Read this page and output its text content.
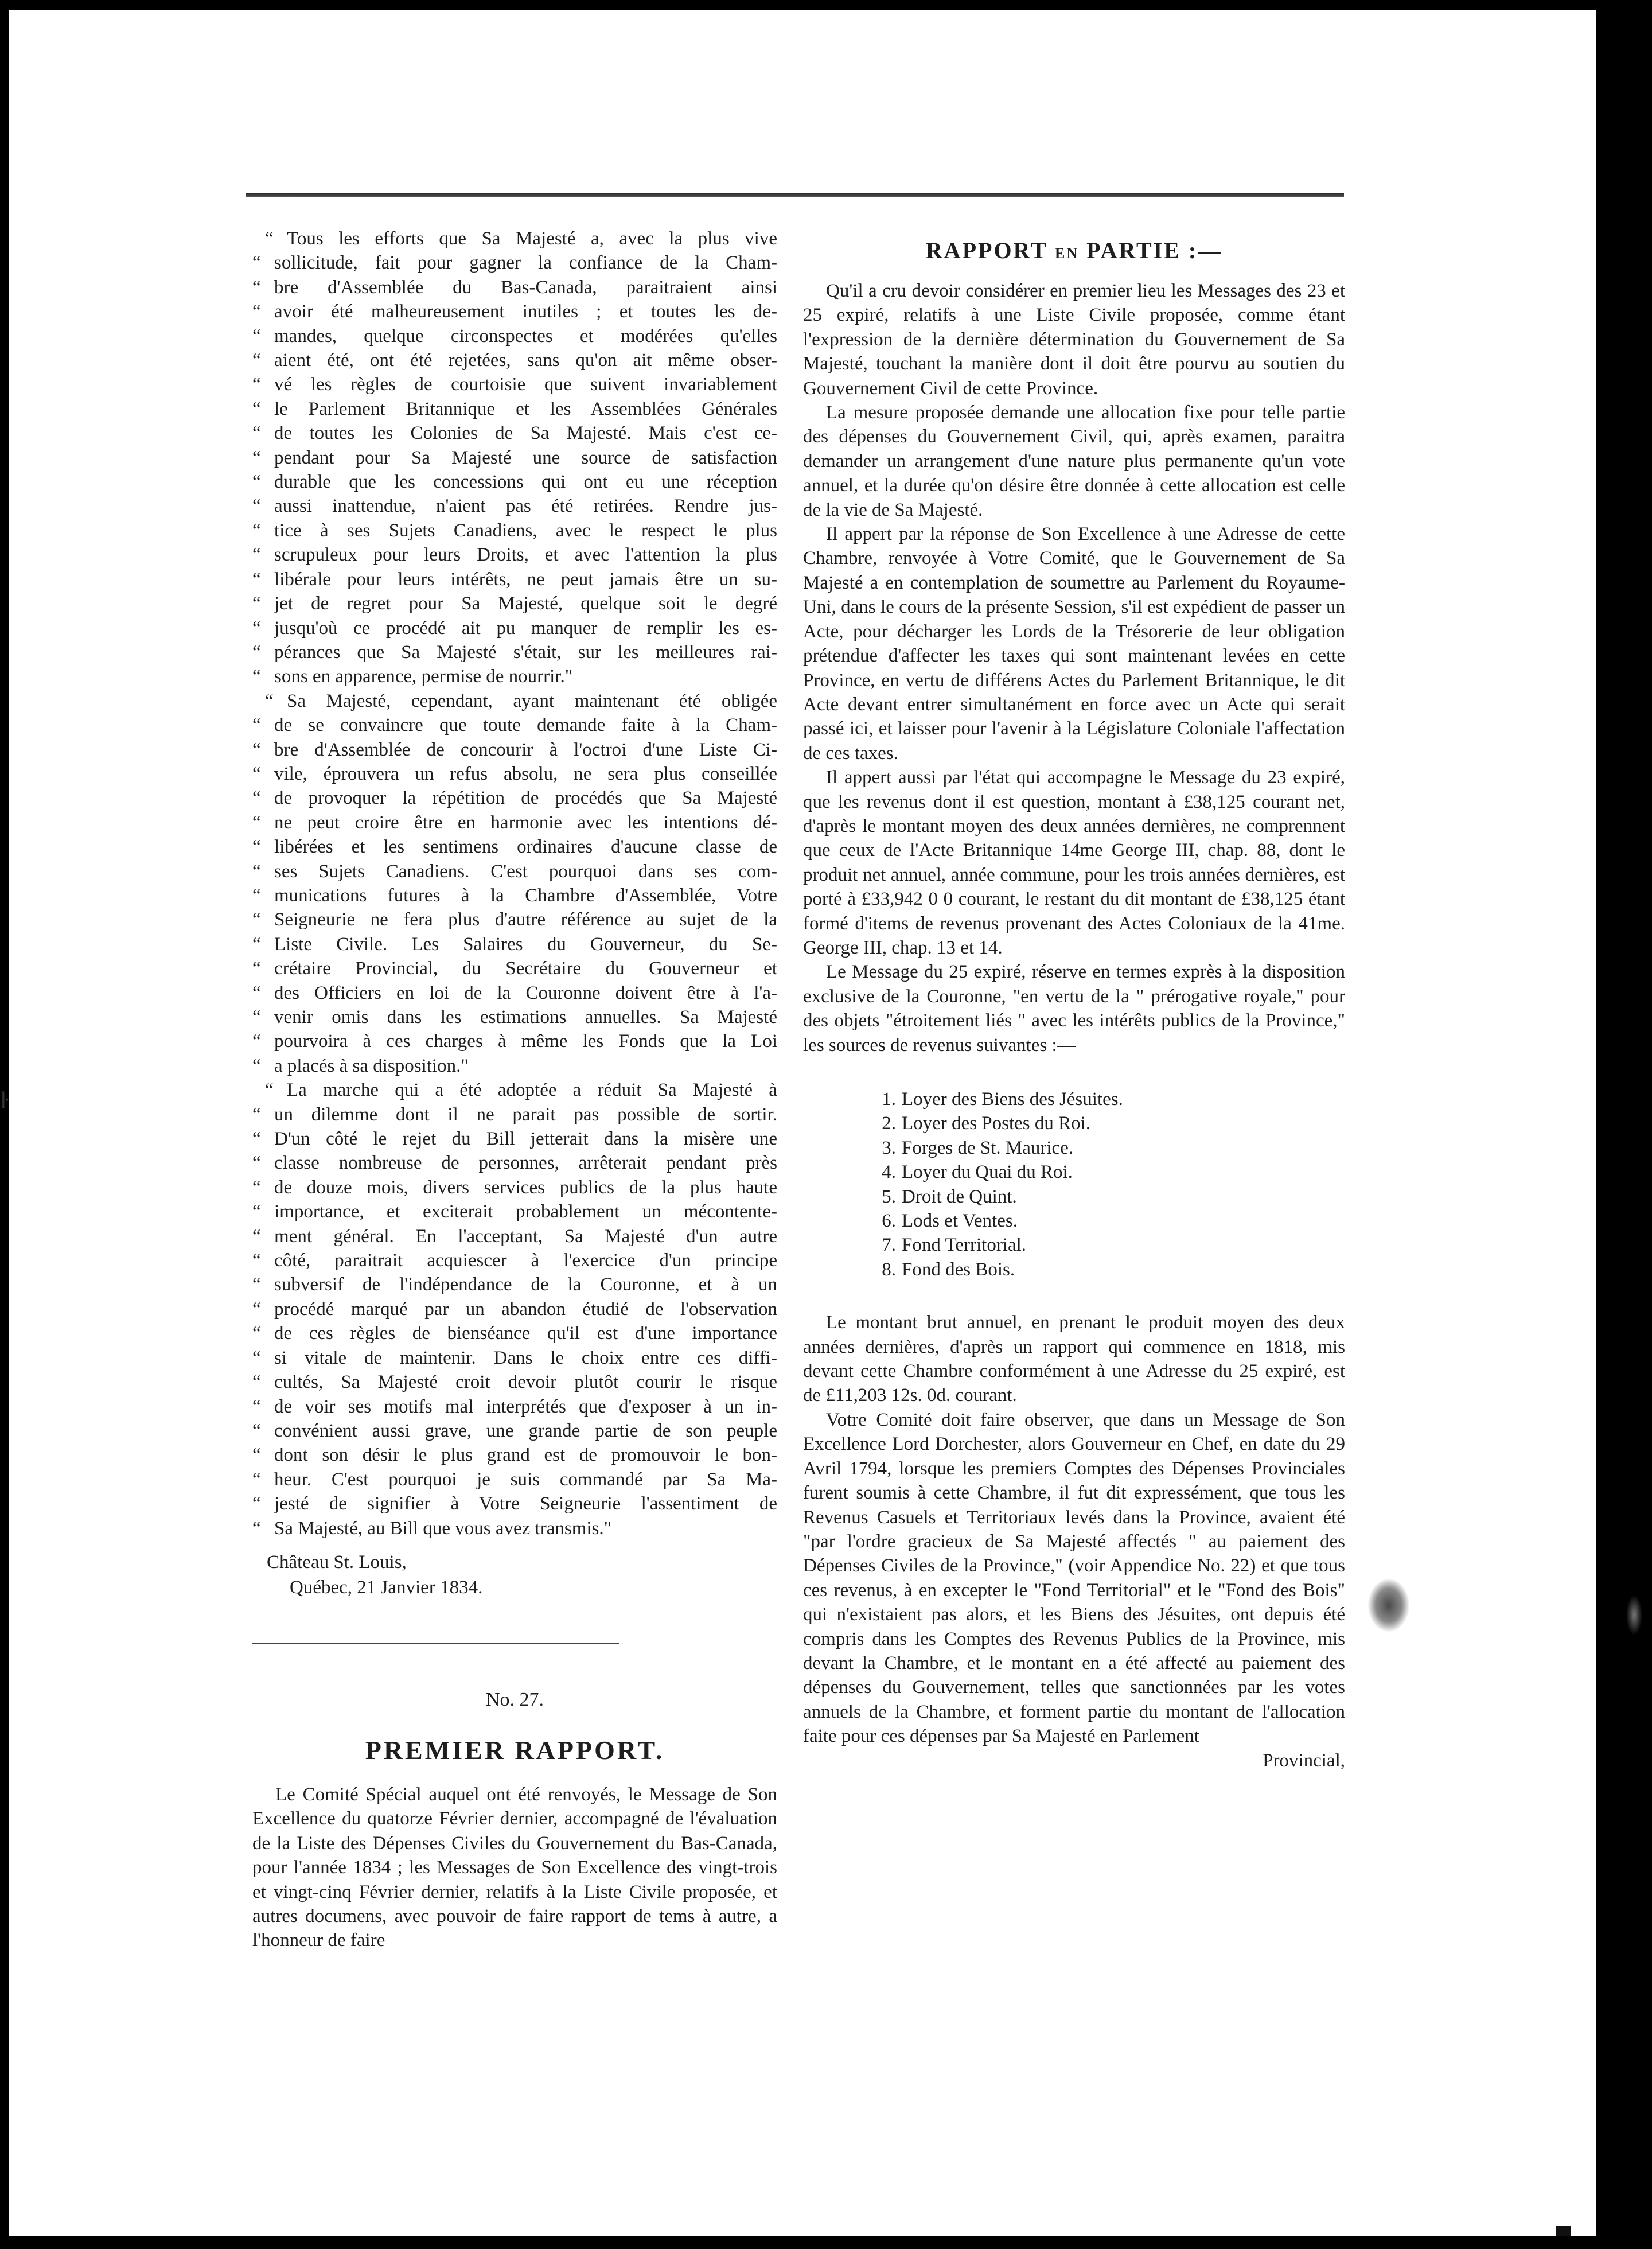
ŀ
“ Tous les efforts que Sa Majesté a, avec la plus vive
“ sollicitude, fait pour gagner la confiance de la Cham-
“ bre d'Assemblée du Bas-Canada, paraitraient ainsi
“ avoir été malheureusement inutiles ; et toutes les de-
“ mandes, quelque circonspectes et modérées qu'elles
“ aient été, ont été rejetées, sans qu'on ait même obser-
“ vé les règles de courtoisie que suivent invariablement
“ le Parlement Britannique et les Assemblées Générales
“ de toutes les Colonies de Sa Majesté. Mais c'est ce-
“ pendant pour Sa Majesté une source de satisfaction
“ durable que les concessions qui ont eu une réception
“ aussi inattendue, n'aient pas été retirées. Rendre jus-
“ tice à ses Sujets Canadiens, avec le respect le plus
“ scrupuleux pour leurs Droits, et avec l'attention la plus
“ libérale pour leurs intérêts, ne peut jamais être un su-
“ jet de regret pour Sa Majesté, quelque soit le degré
“ jusqu'où ce procédé ait pu manquer de remplir les es-
“ pérances que Sa Majesté s'était, sur les meilleures rai-
“ sons en apparence, permise de nourrir."
“ Sa Majesté, cependant, ayant maintenant été obligée
“ de se convaincre que toute demande faite à la Cham-
“ bre d'Assemblée de concourir à l'octroi d'une Liste Ci-
“ vile, éprouvera un refus absolu, ne sera plus conseillée
“ de provoquer la répétition de procédés que Sa Majesté
“ ne peut croire être en harmonie avec les intentions dé-
“ libérées et les sentimens ordinaires d'aucune classe de
“ ses Sujets Canadiens. C'est pourquoi dans ses com-
“ munications futures à la Chambre d'Assemblée, Votre
“ Seigneurie ne fera plus d'autre référence au sujet de la
“ Liste Civile. Les Salaires du Gouverneur, du Se-
“ crétaire Provincial, du Secrétaire du Gouverneur et
“ des Officiers en loi de la Couronne doivent être à l'a-
“ venir omis dans les estimations annuelles. Sa Majesté
“ pourvoira à ces charges à même les Fonds que la Loi
“ a placés à sa disposition."
“ La marche qui a été adoptée a réduit Sa Majesté à
“ un dilemme dont il ne parait pas possible de sortir.
“ D'un côté le rejet du Bill jetterait dans la misère une
“ classe nombreuse de personnes, arrêterait pendant près
“ de douze mois, divers services publics de la plus haute
“ importance, et exciterait probablement un mécontente-
“ ment général. En l'acceptant, Sa Majesté d'un autre
“ côté, paraitrait acquiescer à l'exercice d'un principe
“ subversif de l'indépendance de la Couronne, et à un
“ procédé marqué par un abandon étudié de l'observation
“ de ces règles de bienséance qu'il est d'une importance
“ si vitale de maintenir. Dans le choix entre ces diffi-
“ cultés, Sa Majesté croit devoir plutôt courir le risque
“ de voir ses motifs mal interprétés que d'exposer à un in-
“ convénient aussi grave, une grande partie de son peuple
“ dont son désir le plus grand est de promouvoir le bon-
“ heur. C'est pourquoi je suis commandé par Sa Ma-
“ jesté de signifier à Votre Seigneurie l'assentiment de
“ Sa Majesté, au Bill que vous avez transmis."
Château St. Louis,
Québec, 21 Janvier 1834.
No. 27.
PREMIER RAPPORT.

Le Comité Spécial auquel ont été renvoyés, le Message de Son Excellence du quatorze Février dernier, accompagné de l'évaluation de la Liste des Dépenses Civiles du Gouvernement du Bas-Canada, pour l'année 1834 ; les Messages de Son Excellence des vingt-trois et vingt-cinq Février dernier, relatifs à la Liste Civile proposée, et autres documens, avec pouvoir de faire rapport de tems à autre, a l'honneur de faire

RAPPORT EN PARTIE :—

Qu'il a cru devoir considérer en premier lieu les Messages des 23 et 25 expiré, relatifs à une Liste Civile proposée, comme étant l'expression de la dernière détermination du Gouvernement de Sa Majesté, touchant la manière dont il doit être pourvu au soutien du Gouvernement Civil de cette Province.

La mesure proposée demande une allocation fixe pour telle partie des dépenses du Gouvernement Civil, qui, après examen, paraitra demander un arrangement d'une nature plus permanente qu'un vote annuel, et la durée qu'on désire être donnée à cette allocation est celle de la vie de Sa Majesté.

Il appert par la réponse de Son Excellence à une Adresse de cette Chambre, renvoyée à Votre Comité, que le Gouvernement de Sa Majesté a en contemplation de soumettre au Parlement du Royaume-Uni, dans le cours de la présente Session, s'il est expédient de passer un Acte, pour décharger les Lords de la Trésorerie de leur obligation prétendue d'affecter les taxes qui sont maintenant levées en cette Province, en vertu de différens Actes du Parlement Britannique, le dit Acte devant entrer simultanément en force avec un Acte qui serait passé ici, et laisser pour l'avenir à la Législature Coloniale l'affectation de ces taxes.

Il appert aussi par l'état qui accompagne le Message du 23 expiré, que les revenus dont il est question, montant à £38,125 courant net, d'après le montant moyen des deux années dernières, ne comprennent que ceux de l'Acte Britannique 14me George III, chap. 88, dont le produit net annuel, année commune, pour les trois années dernières, est porté à £33,942 0 0 courant, le restant du dit montant de £38,125 étant formé d'items de revenus provenant des Actes Coloniaux de la 41me. George III, chap. 13 et 14.

Le Message du 25 expiré, réserve en termes exprès à la disposition exclusive de la Couronne, "en vertu de la " prérogative royale," pour des objets "étroitement liés " avec les intérêts publics de la Province," les sources de revenus suivantes :—

1. Loyer des Biens des Jésuites.
2. Loyer des Postes du Roi.
3. Forges de St. Maurice.
4. Loyer du Quai du Roi.
5. Droit de Quint.
6. Lods et Ventes.
7. Fond Territorial.
8. Fond des Bois.

Le montant brut annuel, en prenant le produit moyen des deux années dernières, d'après un rapport qui commence en 1818, mis devant cette Chambre conformément à une Adresse du 25 expiré, est de £11,203 12s. 0d. courant.

Votre Comité doit faire observer, que dans un Message de Son Excellence Lord Dorchester, alors Gouverneur en Chef, en date du 29 Avril 1794, lorsque les premiers Comptes des Dépenses Provinciales furent soumis à cette Chambre, il fut dit expressément, que tous les Revenus Casuels et Territoriaux levés dans la Province, avaient été "par l'ordre gracieux de Sa Majesté affectés " au paiement des Dépenses Civiles de la Province," (voir Appendice No. 22) et que tous ces revenus, à en excepter le "Fond Territorial" et le "Fond des Bois" qui n'existaient pas alors, et les Biens des Jésuites, ont depuis été compris dans les Comptes des Revenus Publics de la Province, mis devant la Chambre, et le montant en a été affecté au paiement des dépenses du Gouvernement, telles que sanctionnées par les votes annuels de la Chambre, et forment partie du montant de l'allocation faite pour ces dépenses par Sa Majesté en Parlement

Provincial,
